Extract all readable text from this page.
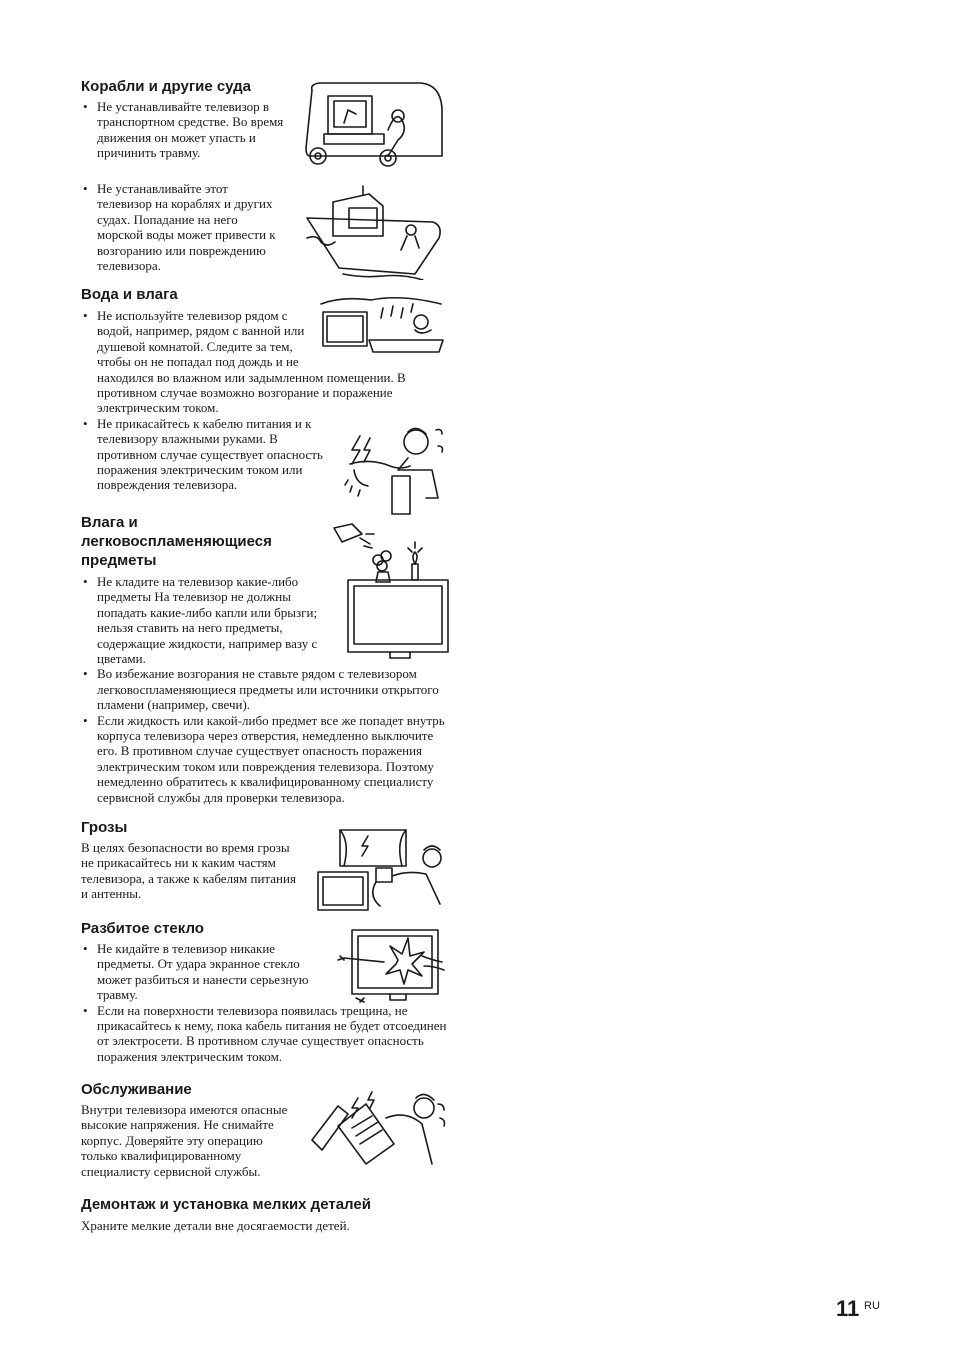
Корабли и другие суда
• Не устанавливайте телевизор в транспортном средстве. Во время движения он может упасть и причинить травму.
• Не устанавливайте этот телевизор на кораблях и других судах. Попадание на него морской воды может привести к возгоранию или повреждению телевизора.
Вода и влага
• Не используйте телевизор рядом с водой, например, рядом с ванной или душевой комнатой. Следите за тем, чтобы он не попадал под дождь и не находился во влажном или задымленном помещении. В противном случае возможно возгорание и поражение электрическим током.
• Не прикасайтесь к кабелю питания и к телевизору влажными руками. В противном случае существует опасность поражения электрическим током или повреждения телевизора.
Влага и легковоспламеняющиеся предметы
• Не кладите на телевизор какие-либо предметы На телевизор не должны попадать какие-либо капли или брызги; нельзя ставить на него предметы, содержащие жидкости, например вазу с цветами.
• Во избежание возгорания не ставьте рядом с телевизором легковоспламеняющиеся предметы или источники открытого пламени (например, свечи).
• Если жидкость или какой-либо предмет все же попадет внутрь корпуса телевизора через отверстия, немедленно выключите его. В противном случае существует опасность поражения электрическим током или повреждения телевизора. Поэтому немедленно обратитесь к квалифицированному специалисту сервисной службы для проверки телевизора.
Грозы

В целях безопасности во время грозы не прикасайтесь ни к каким частям телевизора, а также к кабелям питания и антенны.

Разбитое стекло
• Не кидайте в телевизор никакие предметы. От удара экранное стекло может разбиться и нанести серьезную травму.
• Если на поверхности телевизора появилась трещина, не прикасайтесь к нему, пока кабель питания не будет отсоединен от электросети. В противном случае существует опасность поражения электрическим током.
Обслуживание

Внутри телевизора имеются опасные высокие напряжения. Не снимайте корпус. Доверяйте эту операцию только квалифицированному специалисту сервисной службы.

Демонтаж и установка мелких деталей

Храните мелкие детали вне досягаемости детей.

11 RU
